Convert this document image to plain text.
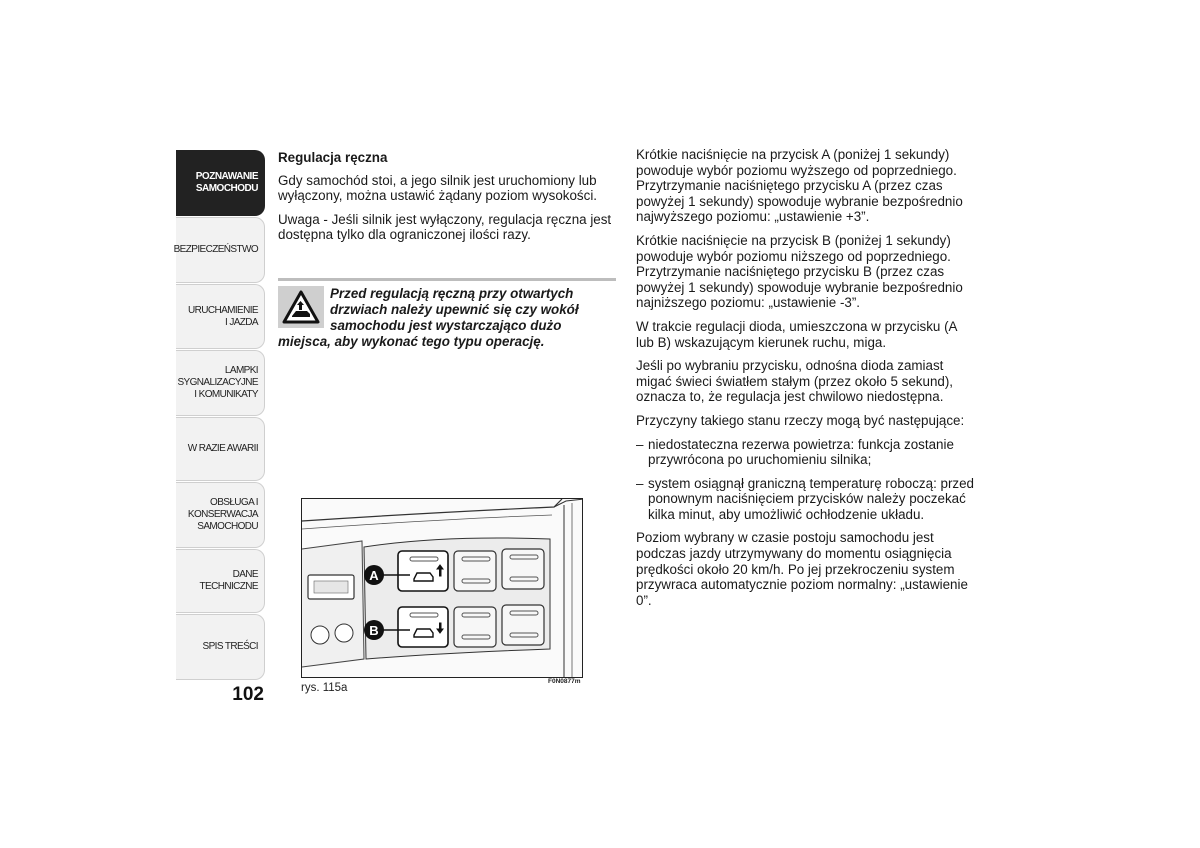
POZNAWANIE
SAMOCHODU
BEZPIECZEŃSTWO
URUCHAMIENIE
I JAZDA
LAMPKI
SYGNALIZACYJNE
I KOMUNIKATY
W RAZIE AWARII
OBSŁUGA I
KONSERWACJA
SAMOCHODU
DANE TECHNICZNE
SPIS TREŚCI
102

Regulacja ręczna

Gdy samochód stoi, a jego silnik jest uruchomiony lub wyłączony, można ustawić żądany poziom wysokości.

Uwaga - Jeśli silnik jest wyłączony, regulacja ręczna jest dostępna tylko dla ograniczonej ilości razy.

Przed regulacją ręczną przy otwartych drzwiach należy upewnić się czy wokół samochodu jest wystarczająco dużo miejsca, aby wykonać tego typu operację.
A
B
rys. 115a
F0N0877m

Krótkie naciśnięcie na przycisk A (poniżej 1 sekundy) powoduje wybór poziomu wyższego od poprzedniego. Przytrzymanie naciśniętego przycisku A (przez czas powyżej 1 sekundy) spowoduje wybranie bezpośrednio najwyższego poziomu: „ustawienie +3”.

Krótkie naciśnięcie na przycisk B (poniżej 1 sekundy) powoduje wybór poziomu niższego od poprzedniego. Przytrzymanie naciśniętego przycisku B (przez czas powyżej 1 sekundy) spowoduje wybranie bezpośrednio najniższego poziomu: „ustawienie -3”.

W trakcie regulacji dioda, umieszczona w przycisku (A lub B) wskazującym kierunek ruchu, miga.

Jeśli po wybraniu przycisku, odnośna dioda zamiast migać świeci światłem stałym (przez około 5 sekund), oznacza to, że regulacja jest chwilowo niedostępna.

Przyczyny takiego stanu rzeczy mogą być następujące:

– niedostateczna rezerwa powietrza: funkcja zostanie przywrócona po uruchomieniu silnika;
– system osiągnął graniczną temperaturę roboczą: przed ponownym naciśnięciem przycisków należy poczekać kilka minut, aby umożliwić ochłodzenie układu.

Poziom wybrany w czasie postoju samochodu jest podczas jazdy utrzymywany do momentu osiągnięcia prędkości około 20 km/h. Po jej przekroczeniu system przywraca automatycznie poziom normalny: „ustawienie 0”.
